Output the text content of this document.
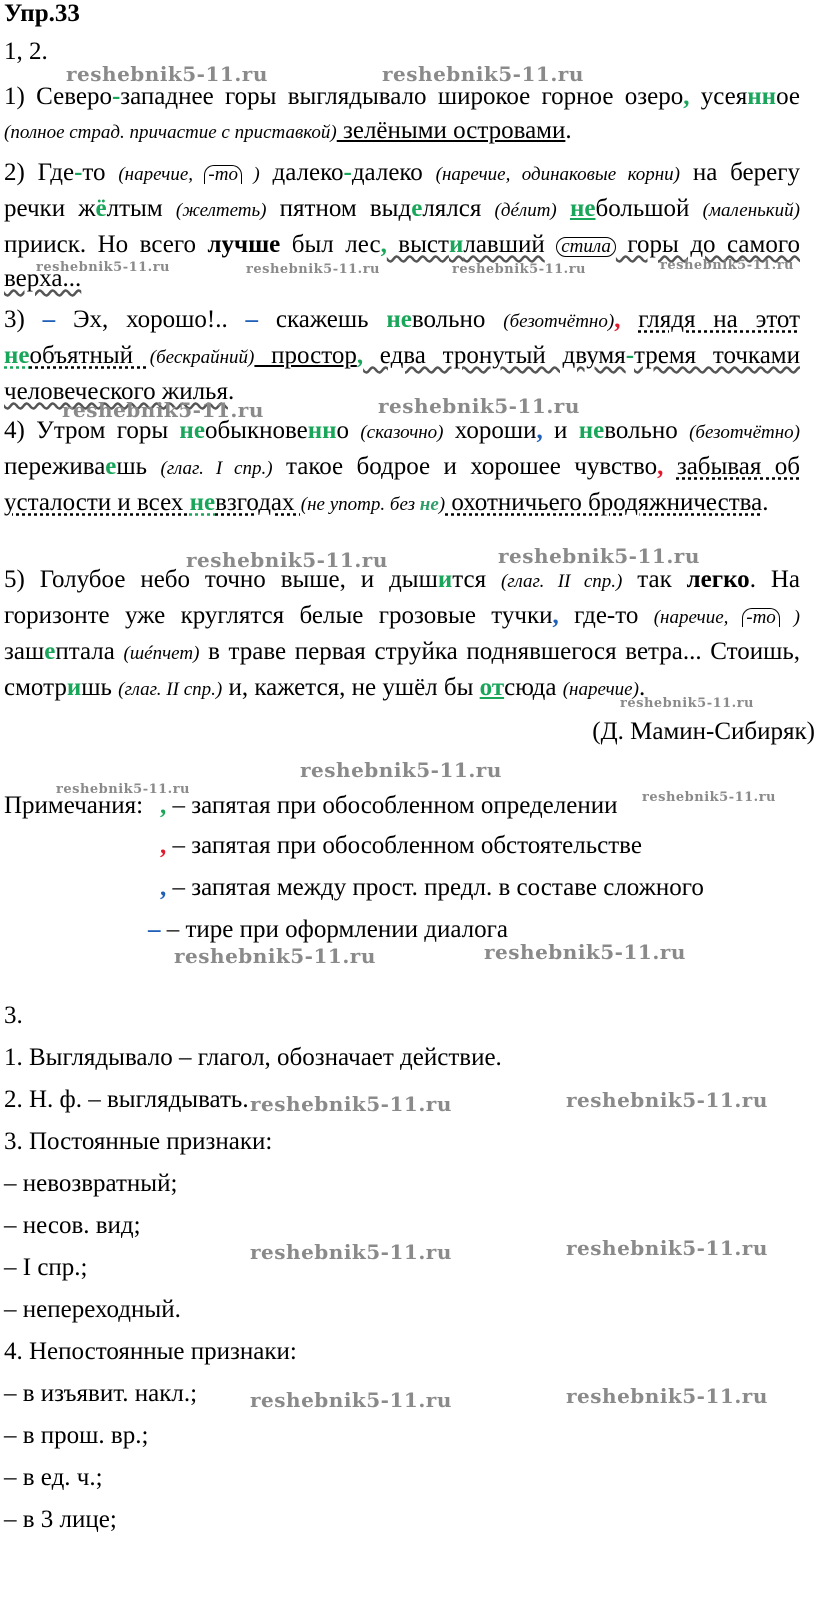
Упр.33
1, 2.
1) Северо-западнее горы выглядывало широкое горное озеро, усеянное (полное страд. причастие с приставкой) зелёными островами.
2) Где-то (наречие, -то ) далеко-далеко (наречие, одинаковые корни) на берегу речки жёлтым (желтеть) пятном выделялся (дéлит) небольшой (маленький) прииск. Но всего лучше был лес, выстилавший стила горы до самого верха...
3) – Эх, хорошо!.. – скажешь невольно (безотчётно), глядя на этот необъятный (бескрайний) простор, едва тронутый двумя-тремя точками человеческого жилья.
4) Утром горы необыкновенно (сказочно) хороши, и невольно (безотчётно) переживаешь (глаг. I спр.) такое бодрое и хорошее чувство, забывая об усталости и всех невзгодах (не употр. без не) охотничьего бродяжничества.
5) Голубое небо точно выше, и дышится (глаг. II спр.) так легко. На горизонте уже круглятся белые грозовые тучки, где-то (наречие, -то ) зашептала (шéпчет) в траве первая струйка поднявшегося ветра... Стоишь, смотришь (глаг. II спр.) и, кажется, не ушёл бы отсюда (наречие).
(Д. Мамин-Сибиряк)
Примечания: , – запятая при обособленном определении
, – запятая при обособленном обстоятельстве
, – запятая между прост. предл. в составе сложного
– – тире при оформлении диалога
3.
1. Выглядывало – глагол, обозначает действие.
2. Н. ф. – выглядывать.
3. Постоянные признаки:
– невозвратный;
– несов. вид;
– I спр.;
– непереходный.
4. Непостоянные признаки:
– в изъявит. накл.;
– в прош. вр.;
– в ед. ч.;
– в 3 лице;
reshebnik5-11.ru	reshebnik5-11.ru
reshebnik5-11.ru	reshebnik5-11.ru	reshebnik5-11.ru	reshebnik5-11.ru
reshebnik5-11.ru	reshebnik5-11.ru
reshebnik5-11.ru	reshebnik5-11.ru
reshebnik5-11.ru
reshebnik5-11.ru
reshebnik5-11.ru
reshebnik5-11.ru
reshebnik5-11.ru	reshebnik5-11.ru
reshebnik5-11.ru	reshebnik5-11.ru
reshebnik5-11.ru	reshebnik5-11.ru
reshebnik5-11.ru	reshebnik5-11.ru
